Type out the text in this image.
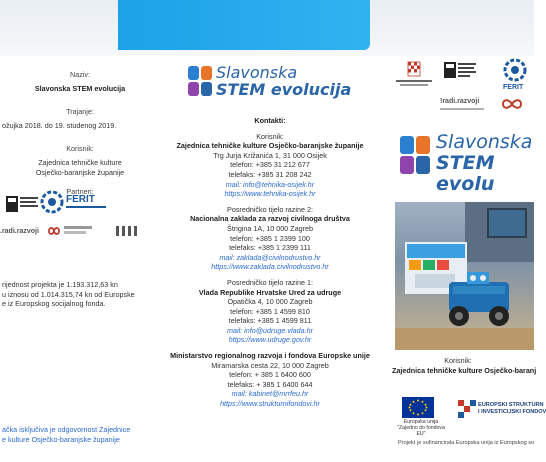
Naziv:
Slavonska STEM evolucija
Trajanje:
ožujka 2018. do 19. studenog 2019.
Korisnik:
Zajednica tehničke kulture
Osječko-baranjske županije
Partneri:
FERIT
.radi.razvoji
rijednost projekta je 1.193.312,63 kn
u iznosu od 1.014.315,74 kn od Europske
e iz Europskog socijalnog fonda.
ačka isključiva je odgovornost Zajednice
e kulture Osječko-baranjske županije
Slavonska
STEM evolucija
Kontakti:
Korisnik:
Zajednica tehničke kulture Osječko-baranjske županije
Trg Jurja Križanića 1, 31 000 Osijek
telefon: +385 31 212 677
telefaks: +385 31 208 242
mail: info@tehnika-osijek.hr
https://www.tehnika-osijek.hr
Posredničko tijelo razine 2:
Nacionalna zaklada za razvoj civilnoga društva
Štrigina 1A, 10 000 Zagreb
telefon: +385 1 2399 100
telefaks: +385 1 2399 111
mail: zaklada@civilnodrustvo.hr
https://www.zaklada.civilnodrustvo.hr
Posredničko tijelo razine 1:
Vlada Republike Hrvatske Ured za udruge
Opatička 4, 10 000 Zagreb
telefon: +385 1 4599 810
telefaks: +385 1 4599 811
mail: info@udruge.vlada.hr
https://www.udruge.gov.hr
Ministarstvo regionalnog razvoja i fondova Europske unije
Miramarska cesta 22, 10 000 Zagreb
telefon: + 385 1 6400 600
telefaks: + 385 1 6400 644
mail: kabinet@mrrfeu.hr
https://www.strukturnifondovi.hr
FERIT
!radi.razvoji
Slavonska
STEM evolu
Korisnik:
Zajednica tehničke kulture Osječko-baranj
Europska unija
"Zajedno do fondova EU"
EUROPSKI STRUKTURN
I INVESTICIJSKI FONDOV
Projekt je sufinancirala Europska unija iz Europskog so
